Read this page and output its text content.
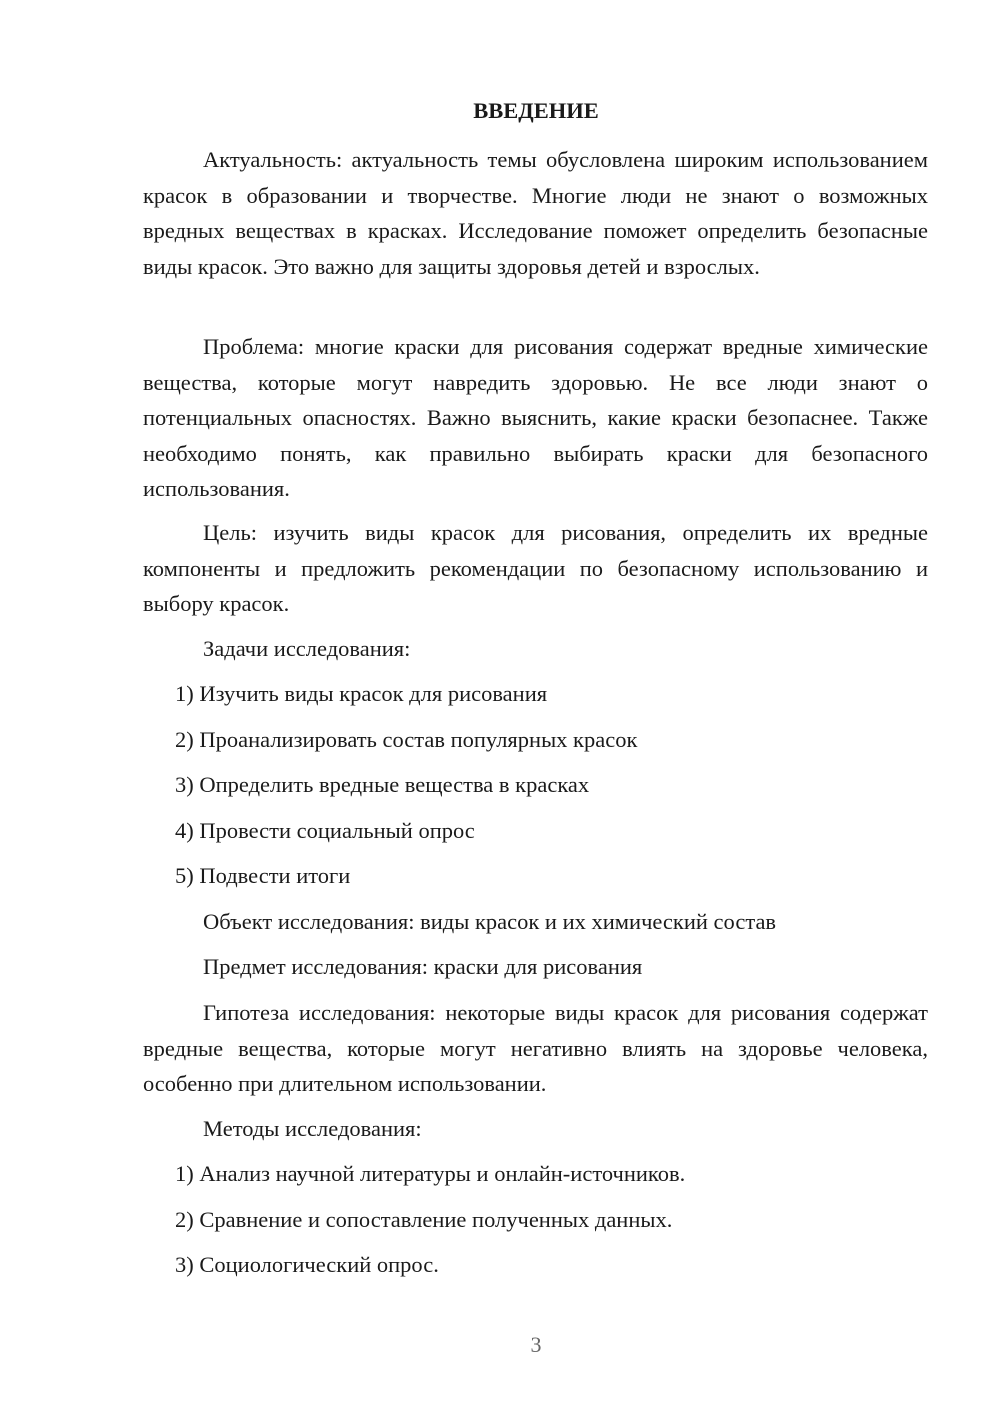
ВВЕДЕНИЕ

Актуальность: актуальность темы обусловлена широким использованием красок в образовании и творчестве. Многие люди не знают о возможных вредных веществах в красках. Исследование поможет определить безопасные виды красок. Это важно для защиты здоровья детей и взрослых.

Проблема: многие краски для рисования содержат вредные химические вещества, которые могут навредить здоровью. Не все люди знают о потенциальных опасностях. Важно выяснить, какие краски безопаснее. Также необходимо понять, как правильно выбирать краски для безопасного использования.

Цель: изучить виды красок для рисования, определить их вредные компоненты и предложить рекомендации по безопасному использованию и выбору красок.

Задачи исследования:

1) Изучить виды красок для рисования

2) Проанализировать состав популярных красок

3) Определить вредные вещества в красках

4) Провести социальный опрос

5) Подвести итоги

Объект исследования: виды красок и их химический состав

Предмет исследования: краски для рисования

Гипотеза исследования: некоторые виды красок для рисования содержат вредные вещества, которые могут негативно влиять на здоровье человека, особенно при длительном использовании.

Методы исследования:

1) Анализ научной литературы и онлайн-источников.

2) Сравнение и сопоставление полученных данных.

3) Социологический опрос.

3
